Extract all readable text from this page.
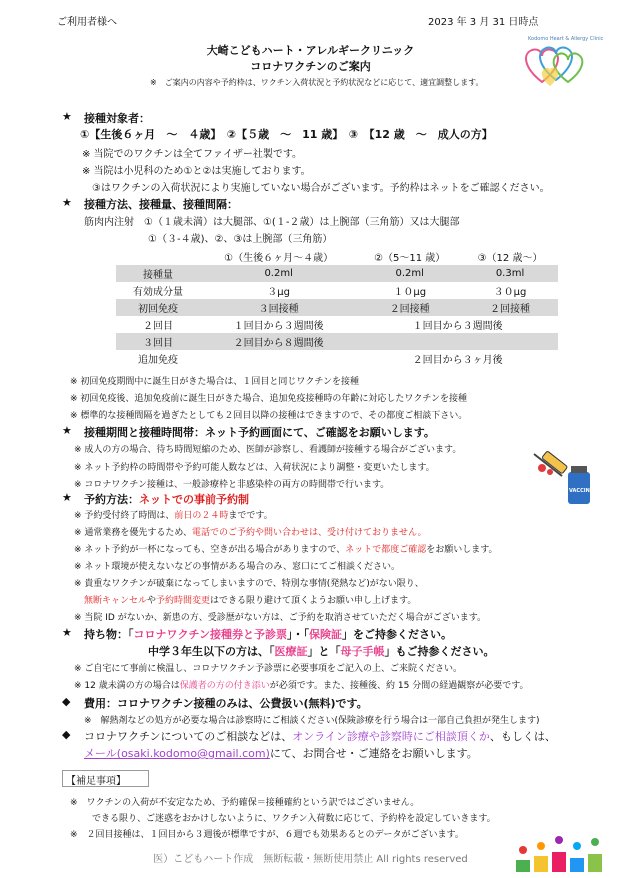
ご利用者様へ	2023 年 3 月 31 日時点
Kodomo Heart & Allergy Clinic
大崎こどもハート・アレルギークリニック
コロナワクチンのご案内
※　ご案内の内容や予約枠は、ワクチン入荷状況と予約状況などに応じて、適宜調整します。
★ 接種対象者：
①【生後６ヶ月　～　４歳】　②【５歳　～　11 歳】　③　【12 歳　～　成人の方】
※ 当院でのワクチンは全てファイザー社製です。
※ 当院は小児科のため①と②は実施しております。
③はワクチンの入荷状況により実施していない場合がございます。予約枠はネットをご確認ください。
★ 接種方法、接種量、接種間隔：
筋肉内注射　①（１歳未満）は大腿部、①(１-２歳）は上腕部（三角筋）又は大腿部
①（３-４歳)、②、③は上腕部（三角筋）
	①（生後６ヶ月～４歳）	②（5～11 歳）	③（12 歳～）
接種量	0.2ml	0.2ml	0.3ml
有効成分量	３μg	１０μg	３０μg
初回免疫	３回接種	２回接種	２回接種
２回目	１回目から３週間後	１回目から３週間後	
３回目	２回目から８週間後		
追加免疫		２回目から３ヶ月後	
※ 初回免疫期間中に誕生日がきた場合は、１回目と同じワクチンを接種
※ 初回免疫後、追加免疫前に誕生日がきた場合、追加免疫接種時の年齢に対応したワクチンを接種
※ 標準的な接種間隔を過ぎたとしても２回目以降の接種はできますので、その都度ご相談下さい。
★ 接種期間と接種時間帯：ネット予約画面にて、ご確認をお願いします。
※ 成人の方の場合、待ち時間短縮のため、医師が診察し、看護師が接種する場合がございます。
※ ネット予約枠の時間帯や予約可能人数などは、入荷状況により調整・変更いたします。
※ コロナワクチン接種は、一般診療枠と非感染枠の両方の時間帯で行います。
VACCINE
★ 予約方法：ネットでの事前予約制
※ 予約受付終了時間は、前日の２４時までです。
※ 通常業務を優先するため、電話でのご予約や問い合わせは、受け付けておりません。
※ ネット予約が一杯になっても、空きが出る場合がありますので、ネットで都度ご確認をお願いします。
※ ネット環境が使えないなどの事情がある場合のみ、窓口にてご相談ください。
※ 貴重なワクチンが破棄になってしまいますので、特別な事情(発熱など)がない限り、
無断キャンセルや予約時間変更はできる限り避けて頂くようお願い申し上げます。
※ 当院 ID がないか、新患の方、受診歴がない方は、ご予約を取消させていただく場合がございます。
★ 持ち物：「コロナワクチン接種券と予診票」・「保険証」をご持参ください。
中学３年生以下の方は、「医療証」と「母子手帳」もご持参ください。
※ ご自宅にて事前に検温し、コロナワクチン予診票に必要事項をご記入の上、ご来院ください。
※ 12 歳未満の方の場合は保護者の方の付き添いが必須です。また、接種後、約 15 分間の経過観察が必要です。
◆ 費用：コロナワクチン接種のみは、公費扱い(無料)です。
※　解熱剤などの処方が必要な場合は診察時にご相談ください(保険診療を行う場合は一部自己負担が発生します)
◆ コロナワクチンについてのご相談などは、オンライン診療や診察時にご相談頂くか、もしくは、
メール(osaki.kodomo@gmail.com)にて、お問合せ・ご連絡をお願いします。
【補足事項】
※　ワクチンの入荷が不安定なため、予約確保＝接種確約という訳ではございません。
できる限り、ご迷惑をおかけしないように、ワクチン入荷数に応じて、予約枠を設定していきます。
※　２回目接種は、１回目から３週後が標準ですが、６週でも効果あるとのデータがございます。
医）こどもハート作成　無断転載・無断使用禁止 All rights reserved
